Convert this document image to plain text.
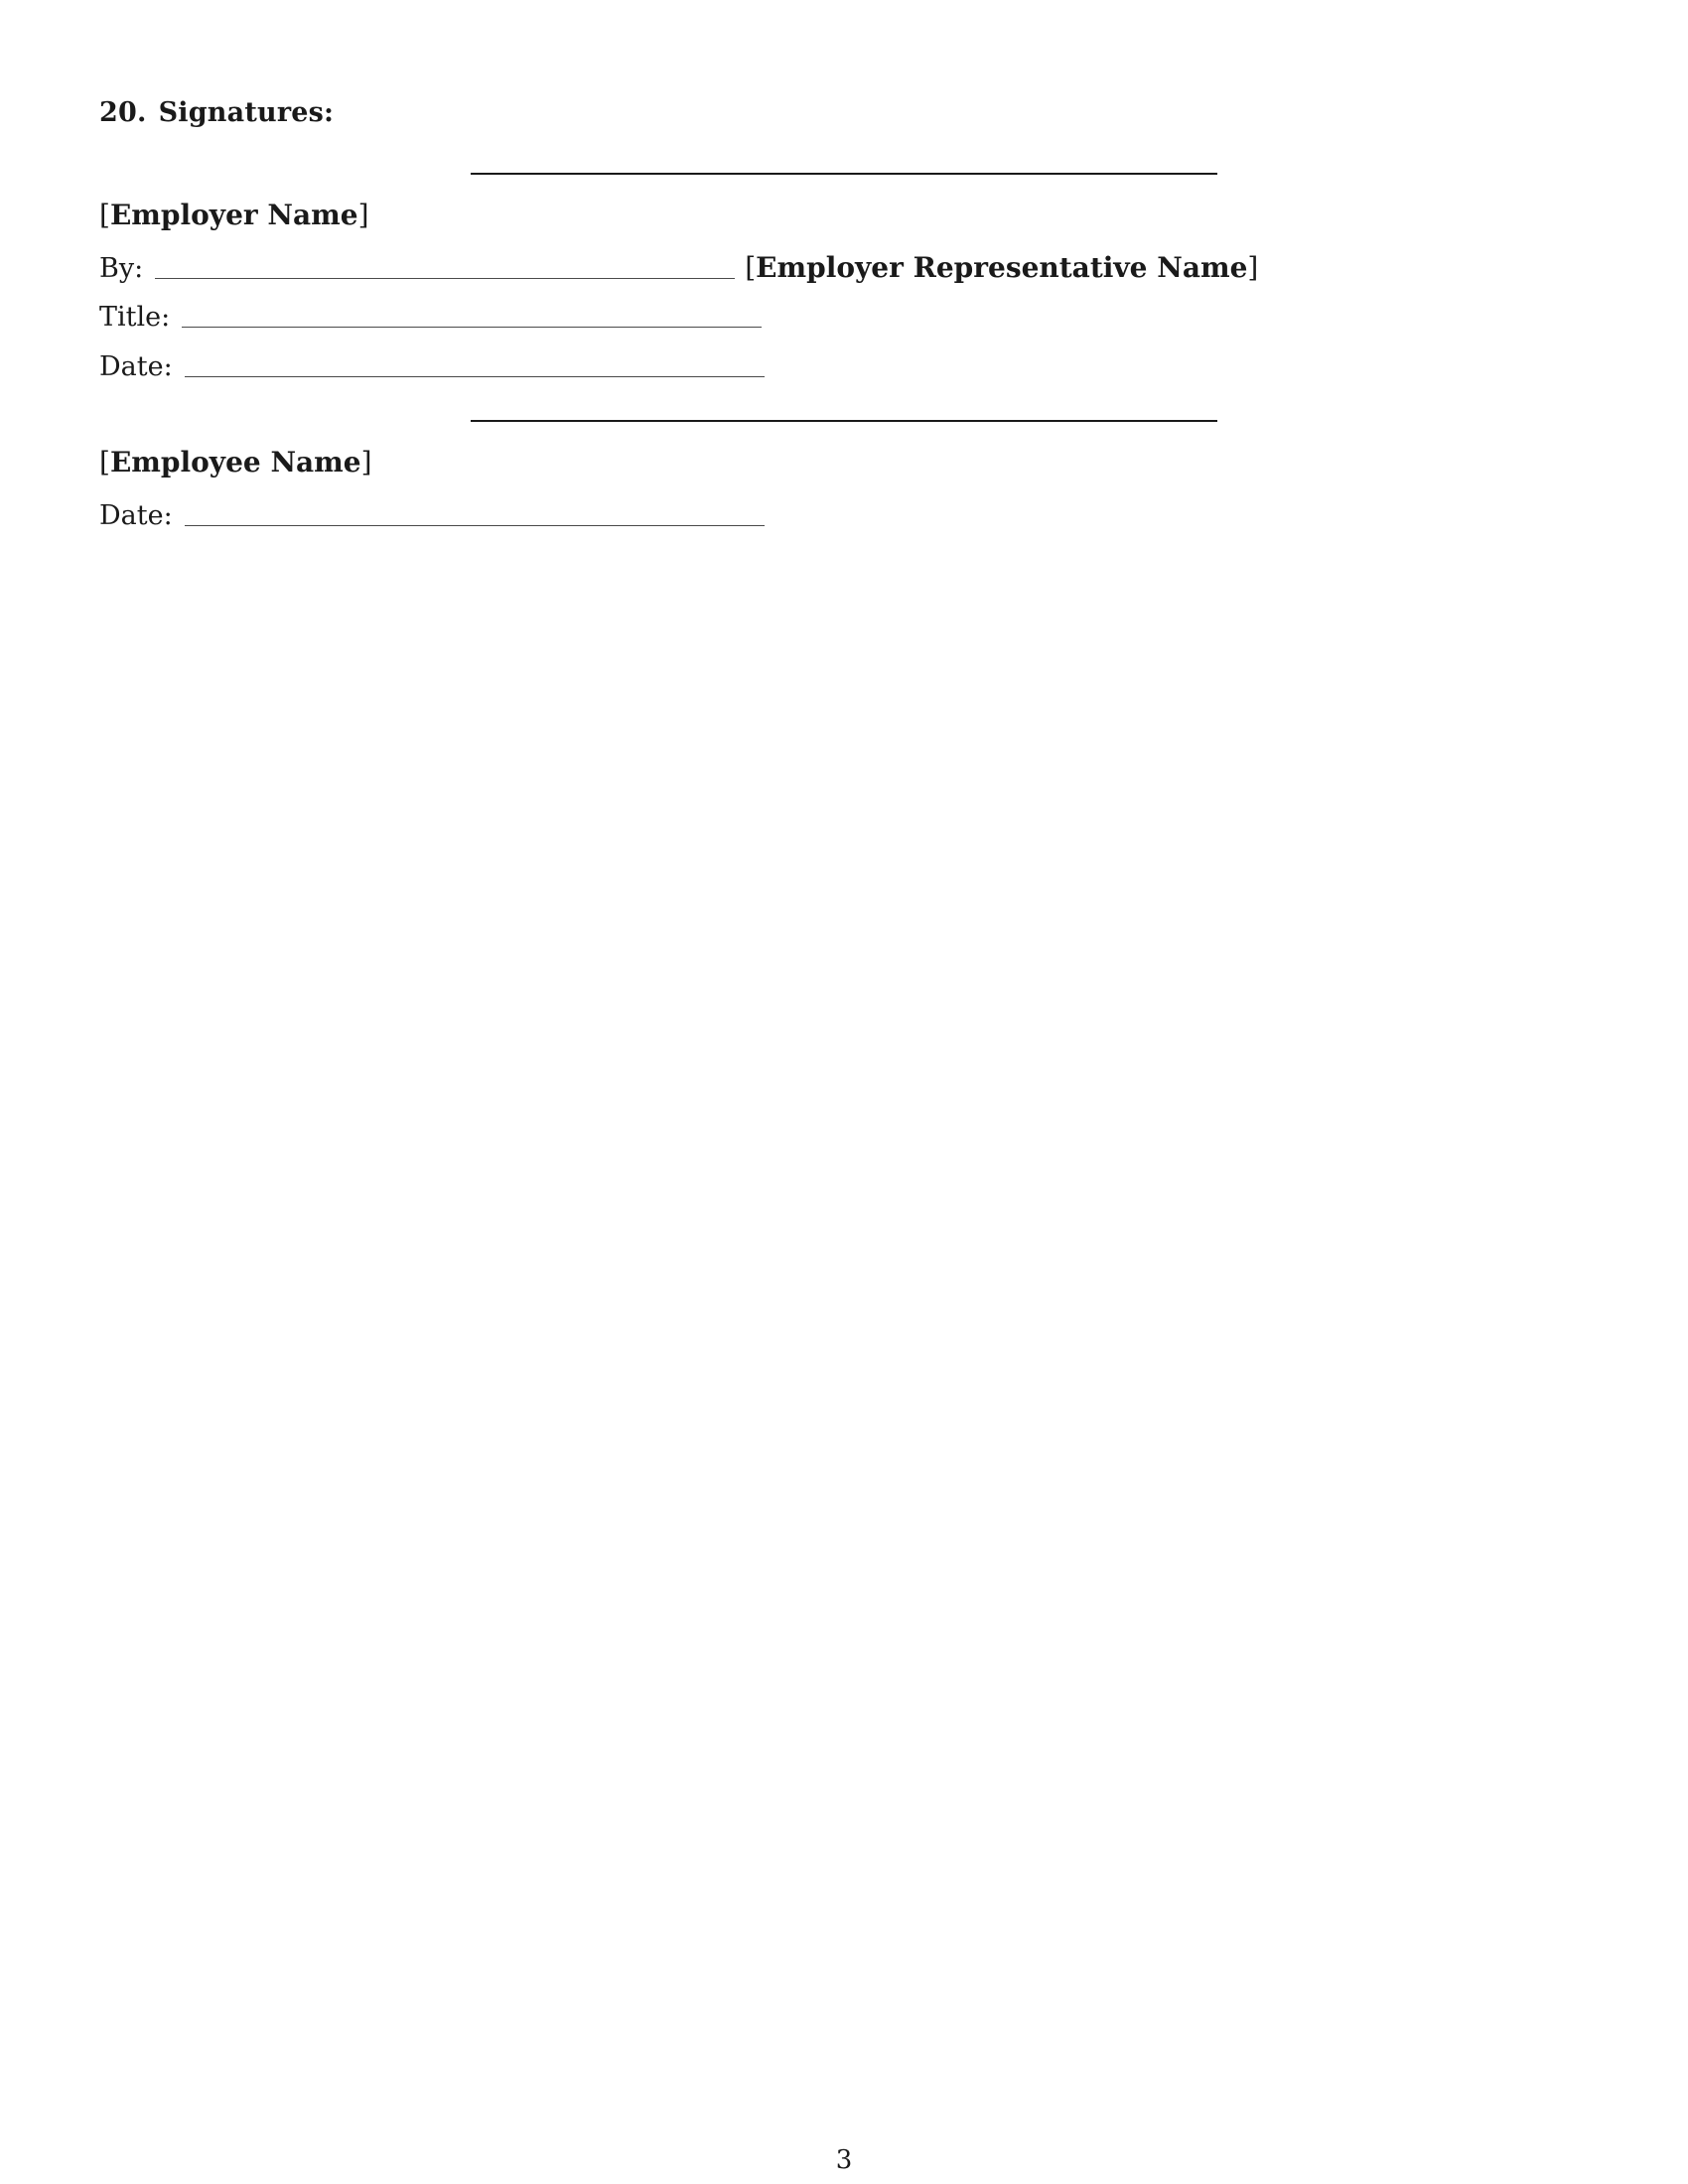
20. Signatures:
[Employer Name]
By:	[Employer Representative Name]
Title:
Date:
[Employee Name]
Date:
3
